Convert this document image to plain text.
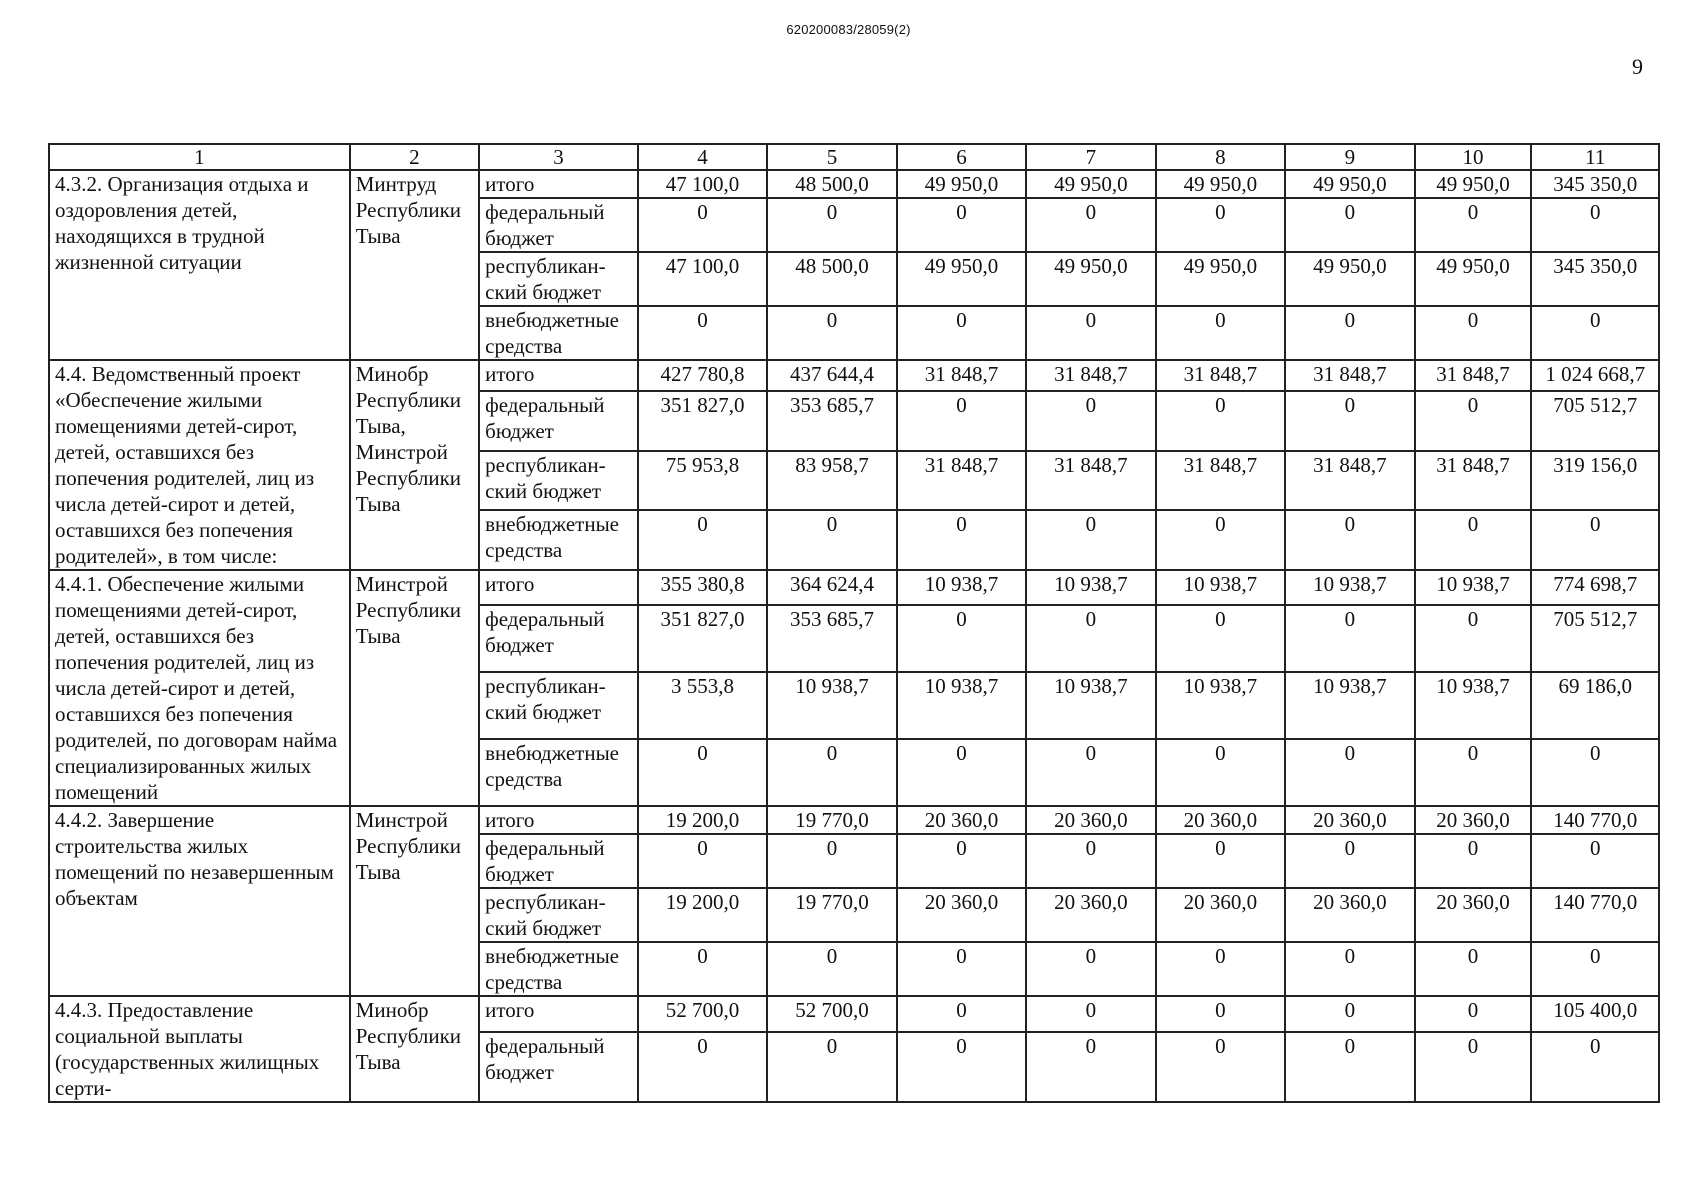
620200083/28059(2)
9
1	2	3	4	5	6	7	8	9	10	11
4.3.2. Организация отдыха и оздоровления детей, находящихся в трудной жизненной ситуации	Минтруд Республики Тыва	итого	47 100,0	48 500,0	49 950,0	49 950,0	49 950,0	49 950,0	49 950,0	345 350,0
		федеральный бюджет	0	0	0	0	0	0	0	0
		республикан-ский бюджет	47 100,0	48 500,0	49 950,0	49 950,0	49 950,0	49 950,0	49 950,0	345 350,0
		внебюджетные средства	0	0	0	0	0	0	0	0
4.4. Ведомственный проект «Обеспечение жилыми помещениями детей-сирот, детей, оставшихся без попечения родителей, лиц из числа детей-сирот и детей, оставшихся без попечения родителей», в том числе:	Минобр Республики Тыва, Минстрой Республики Тыва	итого	427 780,8	437 644,4	31 848,7	31 848,7	31 848,7	31 848,7	31 848,7	1 024 668,7
		федеральный бюджет	351 827,0	353 685,7	0	0	0	0	0	705 512,7
		республикан-ский бюджет	75 953,8	83 958,7	31 848,7	31 848,7	31 848,7	31 848,7	31 848,7	319 156,0
		внебюджетные средства	0	0	0	0	0	0	0	0
4.4.1. Обеспечение жилыми помещениями детей-сирот, детей, оставшихся без попечения родителей, лиц из числа детей-сирот и детей, оставшихся без попечения родителей, по договорам найма специализированных жилых помещений	Минстрой Республики Тыва	итого	355 380,8	364 624,4	10 938,7	10 938,7	10 938,7	10 938,7	10 938,7	774 698,7
		федеральный бюджет	351 827,0	353 685,7	0	0	0	0	0	705 512,7
		республикан-ский бюджет	3 553,8	10 938,7	10 938,7	10 938,7	10 938,7	10 938,7	10 938,7	69 186,0
		внебюджетные средства	0	0	0	0	0	0	0	0
4.4.2. Завершение строительства жилых помещений по незавершенным объектам	Минстрой Республики Тыва	итого	19 200,0	19 770,0	20 360,0	20 360,0	20 360,0	20 360,0	20 360,0	140 770,0
		федеральный бюджет	0	0	0	0	0	0	0	0
		республикан-ский бюджет	19 200,0	19 770,0	20 360,0	20 360,0	20 360,0	20 360,0	20 360,0	140 770,0
		внебюджетные средства	0	0	0	0	0	0	0	0
4.4.3. Предоставление социальной выплаты (государственных жилищных серти-	Минобр Республики Тыва	итого	52 700,0	52 700,0	0	0	0	0	0	105 400,0
		федеральный бюджет	0	0	0	0	0	0	0	0
